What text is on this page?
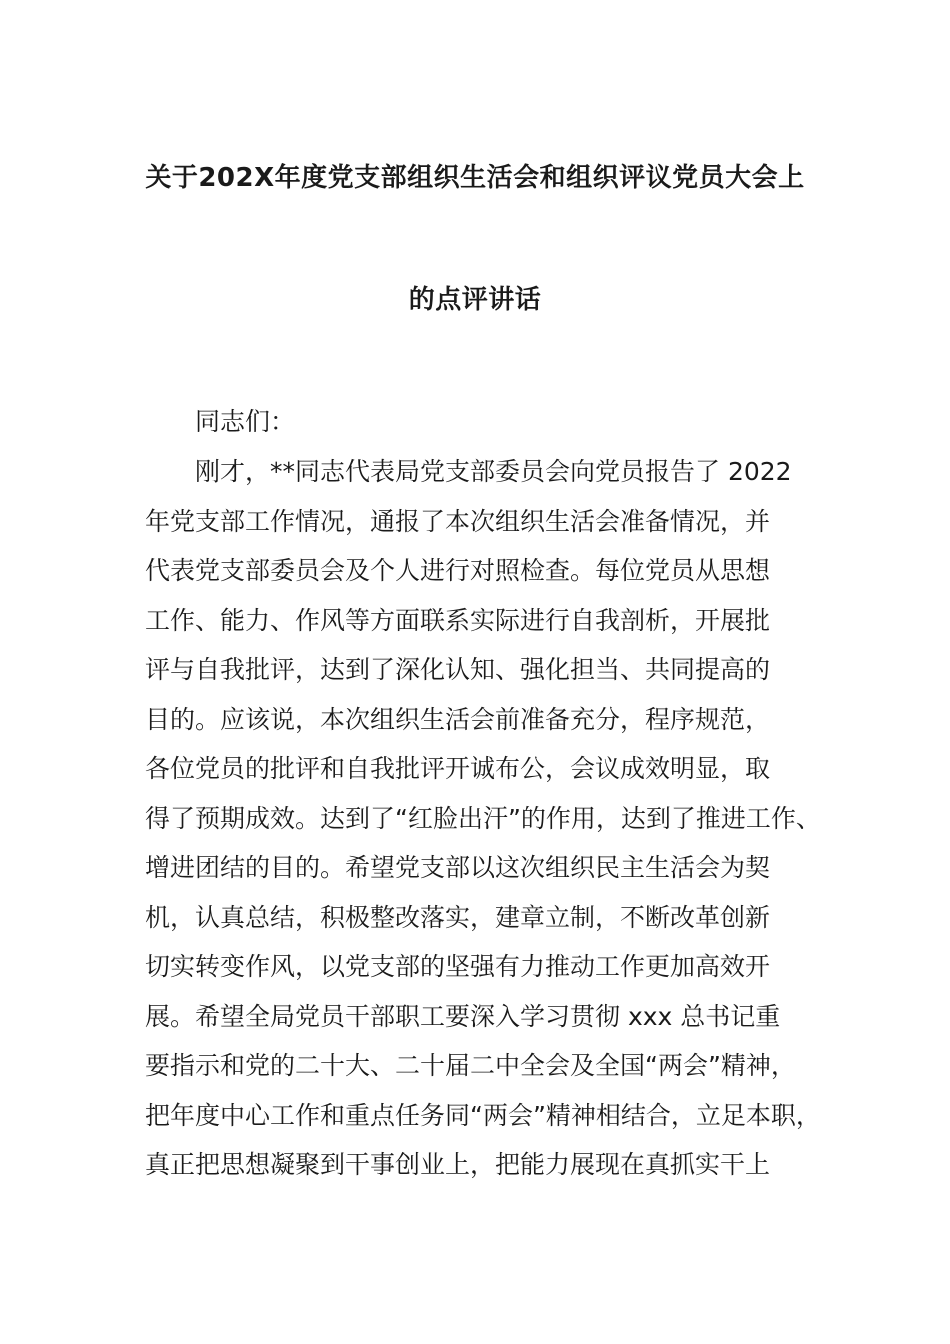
关于202X年度党支部组织生活会和组织评议党员大会上
的点评讲话
同志们：
刚才，**同志代表局党支部委员会向党员报告了 2022
年党支部工作情况，通报了本次组织生活会准备情况，并
代表党支部委员会及个人进行对照检查。每位党员从思想
工作、能力、作风等方面联系实际进行自我剖析，开展批
评与自我批评，达到了深化认知、强化担当、共同提高的
目的。应该说，本次组织生活会前准备充分，程序规范，
各位党员的批评和自我批评开诚布公，会议成效明显，取
得了预期成效。达到了“红脸出汗”的作用，达到了推进工作、
增进团结的目的。希望党支部以这次组织民主生活会为契
机，认真总结，积极整改落实，建章立制，不断改革创新
切实转变作风，以党支部的坚强有力推动工作更加高效开
展。希望全局党员干部职工要深入学习贯彻 xxx 总书记重
要指示和党的二十大、二十届二中全会及全国“两会”精神，
把年度中心工作和重点任务同“两会”精神相结合，立足本职，
真正把思想凝聚到干事创业上，把能力展现在真抓实干上
